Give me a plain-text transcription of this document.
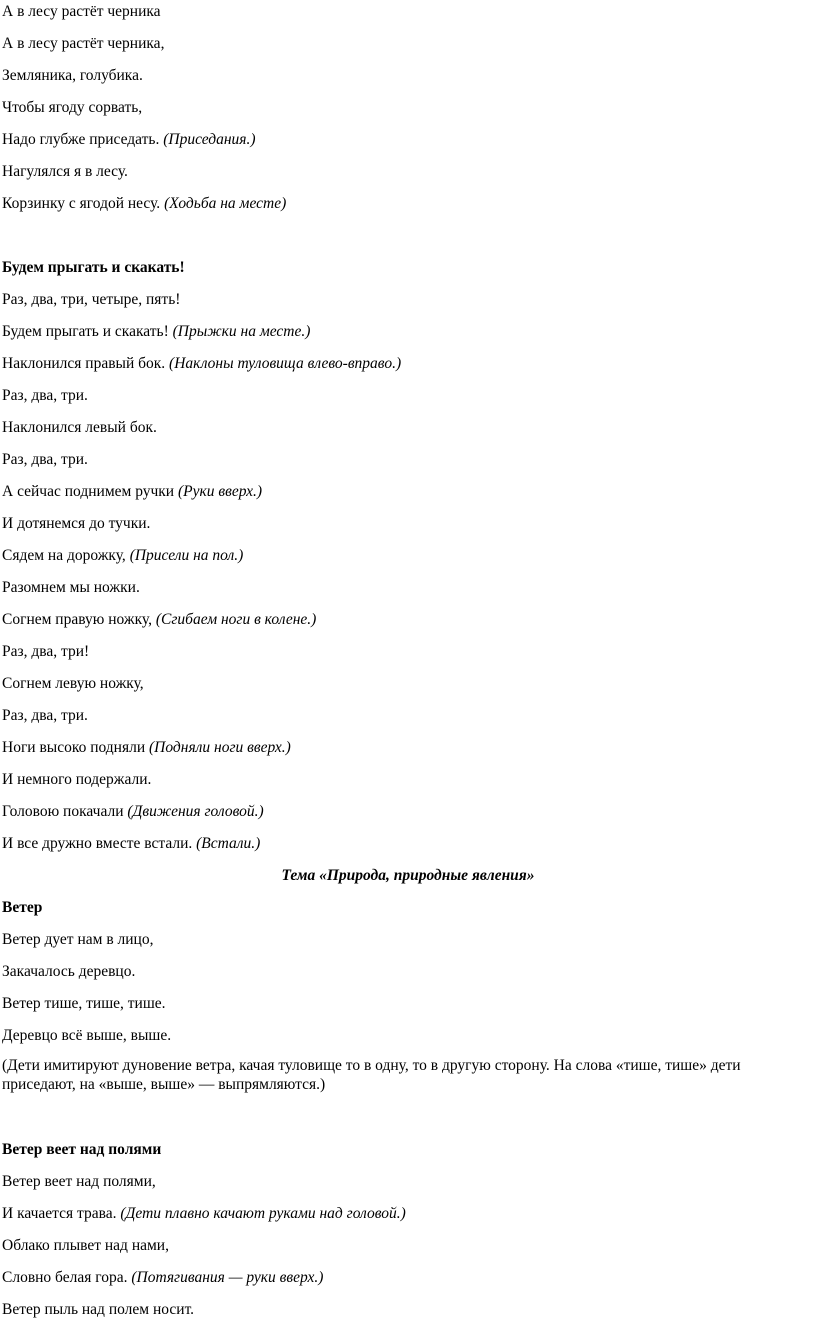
А в лесу растёт черника
А в лесу растёт черника,
Земляника, голубика.
Чтобы ягоду сорвать,
Надо глубже приседать. (Приседания.)
Нагулялся я в лесу.
Корзинку с ягодой несу. (Ходьба на месте)
Будем прыгать и скакать!
Раз, два, три, четыре, пять!
Будем прыгать и скакать! (Прыжки на месте.)
Наклонился правый бок. (Наклоны туловища влево-вправо.)
Раз, два, три.
Наклонился левый бок.
Раз, два, три.
А сейчас поднимем ручки (Руки вверх.)
И дотянемся до тучки.
Сядем на дорожку, (Присели на пол.)
Разомнем мы ножки.
Согнем правую ножку, (Сгибаем ноги в колене.)
Раз, два, три!
Согнем левую ножку,
Раз, два, три.
Ноги высоко подняли (Подняли ноги вверх.)
И немного подержали.
Головою покачали (Движения головой.)
И все дружно вместе встали. (Встали.)
Тема «Природа, природные явления»
Ветер
Ветер дует нам в лицо,
Закачалось деревцо.
Ветер тише, тише, тише.
Деревцо всё выше, выше.
(Дети имитируют дуновение ветра, качая туловище то в одну, то в другую сторону. На слова «тише, тише» дети приседают, на «выше, выше» — выпрямляются.)
Ветер веет над полями
Ветер веет над полями,
И качается трава. (Дети плавно качают руками над головой.)
Облако плывет над нами,
Словно белая гора. (Потягивания — руки вверх.)
Ветер пыль над полем носит.
